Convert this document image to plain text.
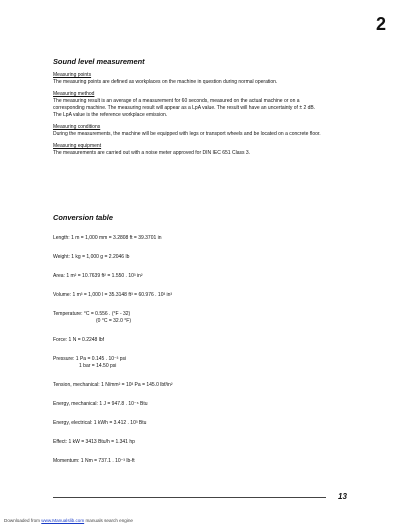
2
Sound level measurement
Measuring points
The measuring points are defined as workplaces on the machine in question during normal operation.
Measuring method
The measuring result is an average of a measurement for 60 seconds, measured on the actual machine or on a
corresponding machine. The measuring result will appear as a LpA value. The result will have an uncertainty of ± 2 dB.
The LpA value is the reference workplace emission.
Measuring conditions
During the measurements, the machine will be equipped with legs or transport wheels and be located on a concrete floor.
Measuring equipment
The measurements are carried out with a noise meter approved for DIN IEC 651 Class 3.
Conversion table
Length: 1 m = 1,000 mm = 3.2808 ft = 39.3701 in
Weight: 1 kg = 1,000 g = 2.2046 lb
Area: 1 m² = 10.7639 ft² = 1.550 . 10³ in²
Volume: 1 m³ = 1,000 l = 35.3148 ft³ = 60.976 . 10³ in³
Temperature: °C = 0.556 . (°F - 32)
(0 °C = 32.0 °F)
Force: 1 N = 0.2248 lbf
Pressure: 1 Pa = 0.145 . 10⁻³ psi
1 bar = 14.50 psi
Tension, mechanical: 1 N/mm² = 10³ Pa = 145.0 lbf/in²
Energy, mechanical: 1 J = 947.8 . 10⁻⁶ Btu
Energy, electrical: 1 kWh = 3.412 . 10³ Btu
Effect: 1 kW = 3413 Btu/h = 1.341 hp
Momentum: 1 Nm = 737.1 . 10⁻³ lb-ft
13
Downloaded from www.Manualslib.com manuals search engine
